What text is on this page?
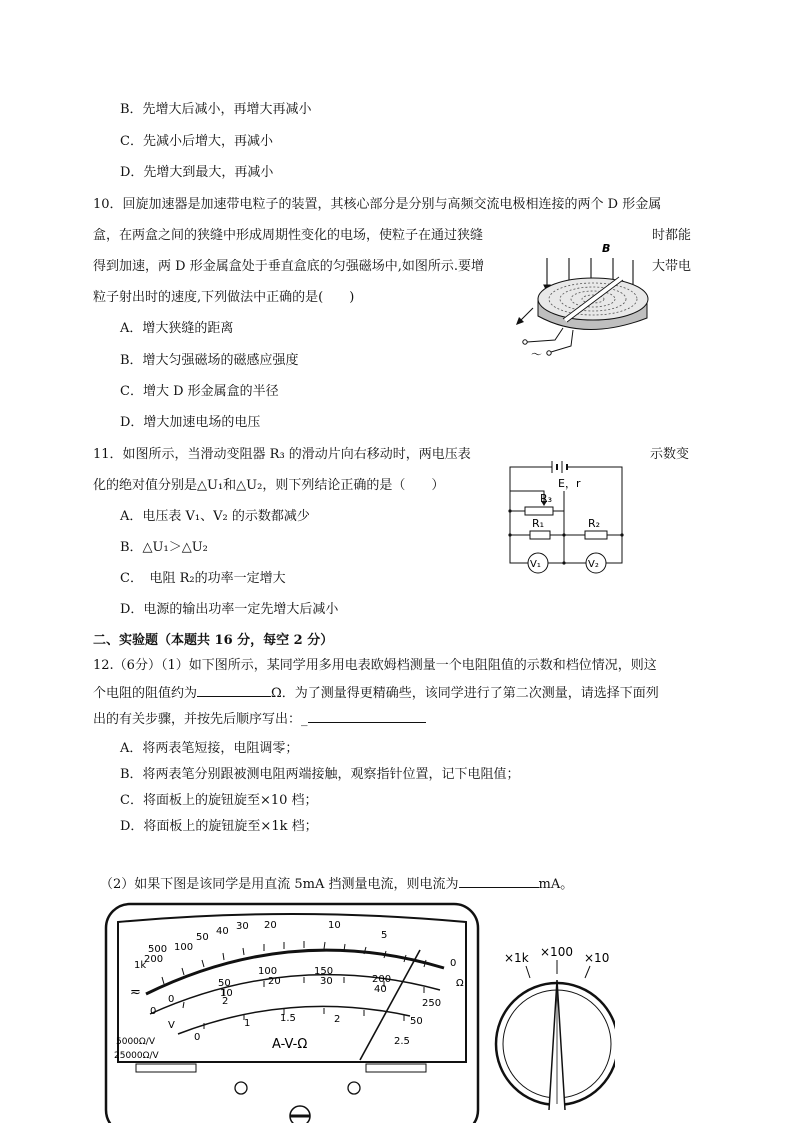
B．先增大后减小，再增大再减小
C．先减小后增大，再减小
D．先增大到最大，再减小
10．回旋加速器是加速带电粒子的装置，其核心部分是分别与高频交流电极相连接的两个 D 形金属
盒，在两盒之间的狭缝中形成周期性变化的电场，使粒子在通过狭缝	时都能
得到加速，两 D 形金属盒处于垂直盒底的匀强磁场中,如图所示.要增	大带电
粒子射出时的速度,下列做法中正确的是(　　)
A．增大狭缝的距离
B．增大匀强磁场的磁感应强度
C．增大 D 形金属盒的半径
D．增大加速电场的电压
B
～
11．如图所示，当滑动变阻器 R₃ 的滑动片向右移动时，两电压表	示数变
化的绝对值分别是△U₁和△U₂，则下列结论正确的是（　　）
A．电压表 V₁、V₂ 的示数都减少
B．△U₁＞△U₂
C．　电阻 R₂的功率一定增大
D．电源的输出功率一定先增大后减小
E，r
R₃
R₁	R₂
V₁	V₂
二、实验题（本题共 16 分，每空 2 分）
12.（6分）（1）如下图所示，某同学用多用电表欧姆档测量一个电阻阻值的示数和档位情况，则这
个电阻的阻值约为	Ω．为了测量得更精确些，该同学进行了第二次测量，请选择下面列
出的有关步骤，并按先后顺序写出：_
A．将两表笔短接，电阻调零；
B．将两表笔分别跟被测电阻两端接触，观察指针位置，记下电阻值；
C．将面板上的旋钮旋至×10 档；
D．将面板上的旋钮旋至×1k 档；
（2）如果下图是该同学是用直流 5mA 挡测量电流，则电流为	mA。
1k
500
200
100
50
40 30 20	10
5
0
0
50
100	150
200
250
0
10
20	30
40
50
0
1	1.5	2
2.5
2
A-V-Ω
5000Ω/V
25000Ω/V
Ω
V
≂
×1k ×100 ×10
